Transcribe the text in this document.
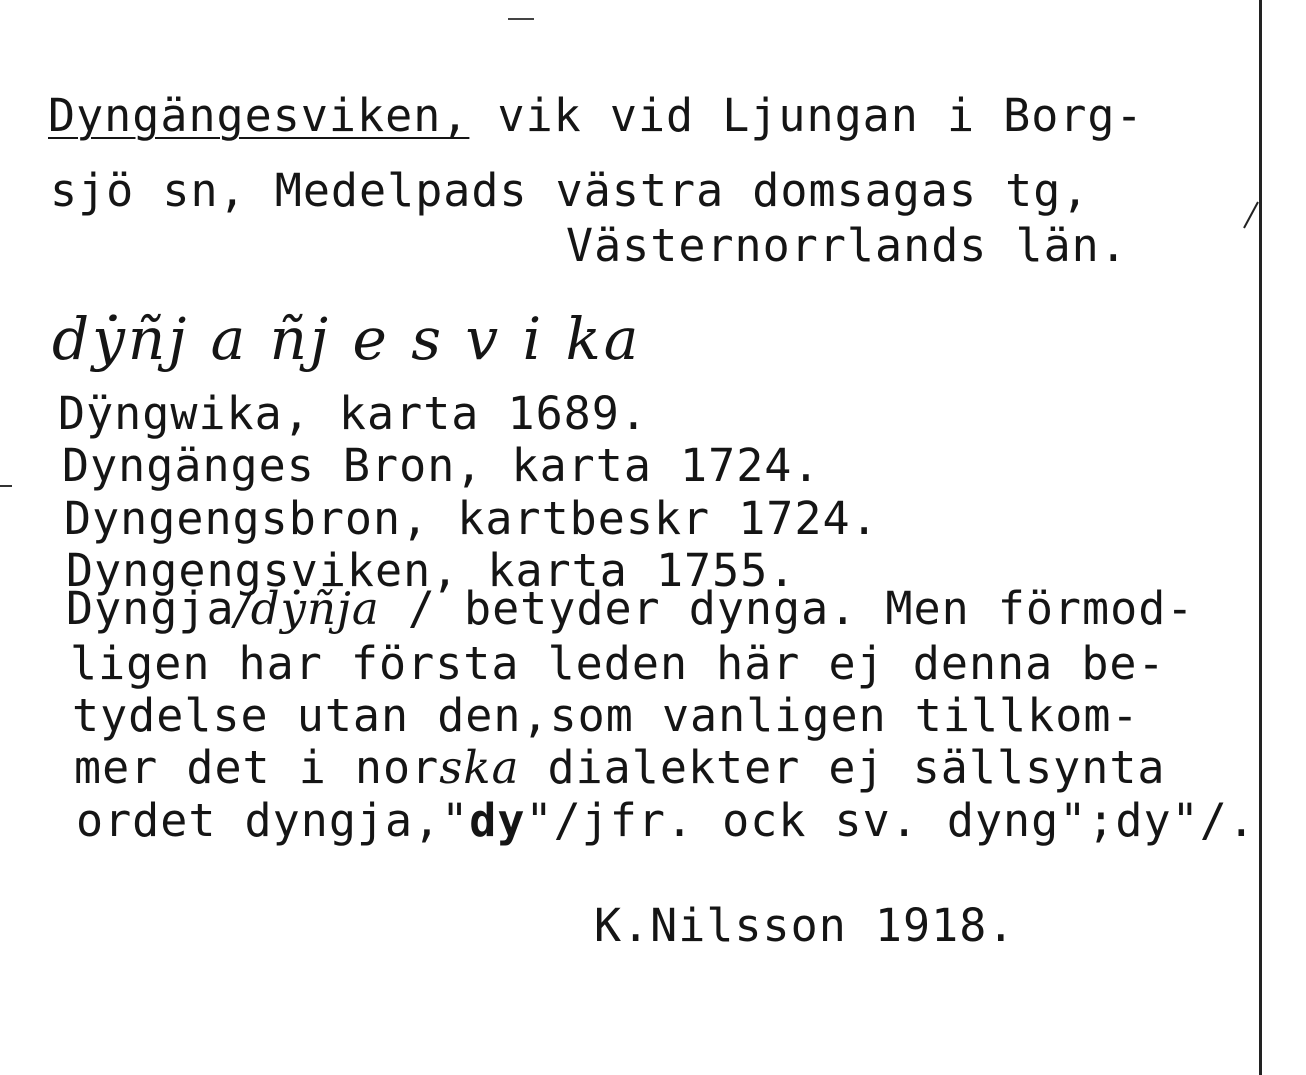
Dyngängesviken, vik vid Ljungan i Borg-
sjö sn, Medelpads västra domsagas tg,
Västernorrlands län.
dẏ̇ñj a ñj e s v i ka
Dÿngwika, karta 1689.
Dyngänges Bron, karta 1724.
Dyngengsbron, kartbeskr 1724.
Dyngengsviken, karta 1755.
Dyngja/dẏ̇ñja / betyder dynga. Men förmod-
ligen har första leden här ej denna be-
tydelse utan den,som vanligen tillkom-
mer det i norska dialekter ej sällsynta
ordet dyngja,"dy"/jfr. ock sv. dyng";dy"/.
K.Nilsson 1918.
